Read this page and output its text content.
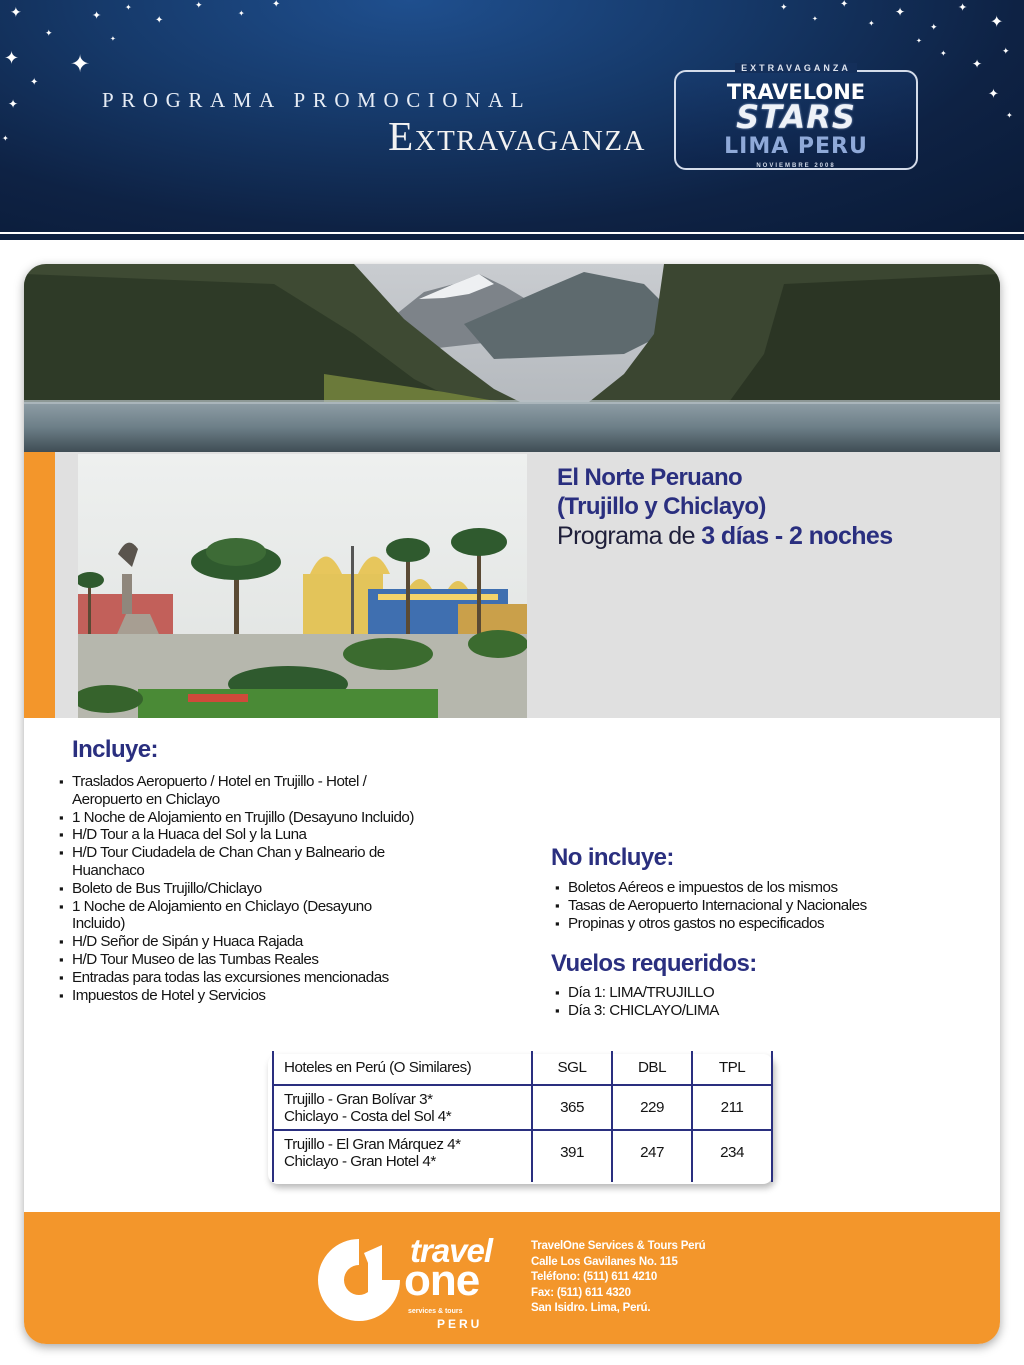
✦
✦
✦ ✦
✦
✦
✦
✦
✦
✦
✦
✦
✦
✦
✦
✦
✦
✦
✦
✦
✦
✦
✦
✦
✦
✦
✦
✦
PROGRAMA PROMOCIONAL
Extravaganza
EXTRAVAGANZA
TRAVELONE
STARS
LIMA PERU
NOVIEMBRE 2008
El Norte Peruano
(Trujillo y Chiclayo)
Programa de 3 días - 2 noches
Incluye:
▪ Traslados Aeropuerto / Hotel en Trujillo - Hotel /
Aeropuerto en Chiclayo
▪ 1 Noche de Alojamiento en Trujillo (Desayuno Incluido)
▪ H/D Tour a la Huaca del Sol y la Luna
▪ H/D Tour Ciudadela de Chan Chan y Balneario de
Huanchaco
▪ Boleto de Bus Trujillo/Chiclayo
▪ 1 Noche de Alojamiento en Chiclayo (Desayuno
Incluido)
▪ H/D Señor de Sipán y Huaca Rajada
▪ H/D Tour Museo de las Tumbas Reales
▪ Entradas para todas las excursiones mencionadas
▪ Impuestos de Hotel y Servicios
No incluye:
▪ Boletos Aéreos e impuestos de los mismos
▪ Tasas de Aeropuerto Internacional y Nacionales
▪ Propinas y otros gastos no especificados
Vuelos requeridos:
▪ Día 1: LIMA/TRUJILLO
▪ Día 3: CHICLAYO/LIMA
Hoteles en Perú (O Similares)	SGL	DBL	TPL

Trujillo - Gran Bolívar 3*
Chiclayo - Costa del Sol 4*	365	229	211

Trujillo - El Gran Márquez 4*
Chiclayo - Gran Hotel 4*	391	247	234

travel
one
services & tours
PERU
TravelOne Services & Tours Perú
Calle Los Gavilanes No. 115
Teléfono: (511) 611 4210
Fax: (511) 611 4320
San Isidro. Lima, Perú.
